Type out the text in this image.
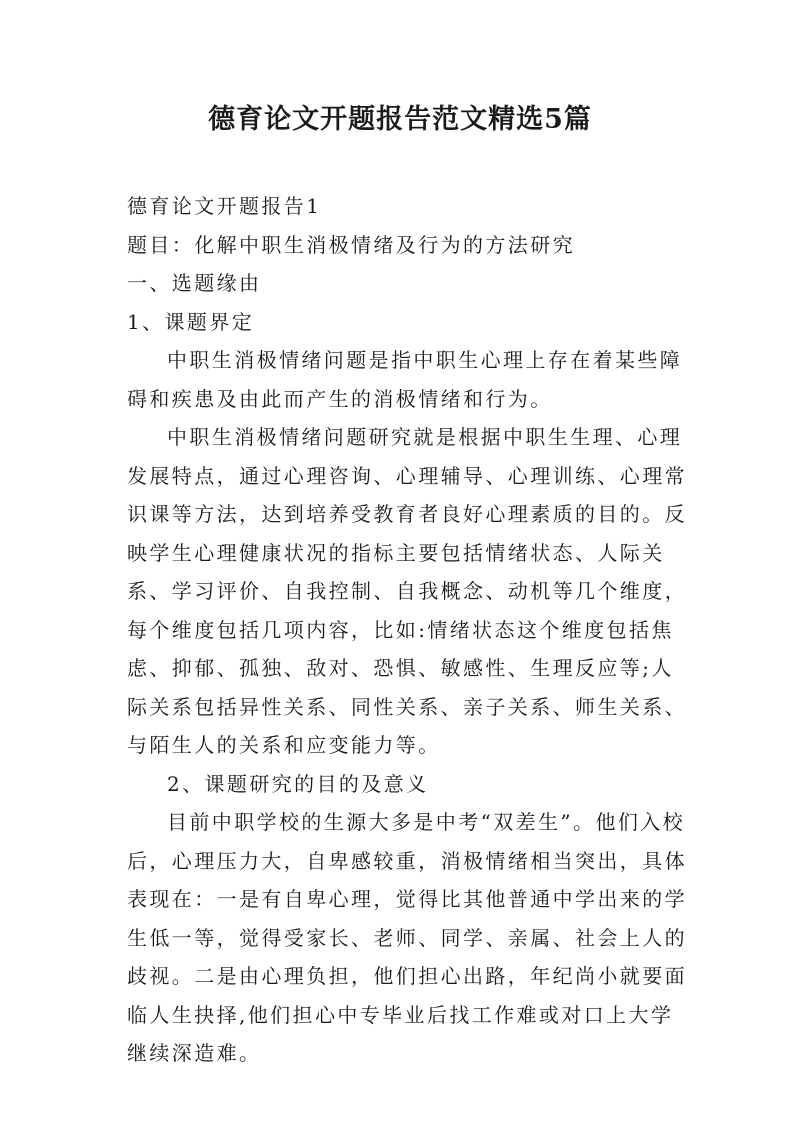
德育论文开题报告范文精选5篇

德育论文开题报告1

题目：化解中职生消极情绪及行为的方法研究

一、选题缘由

1、课题界定

中职生消极情绪问题是指中职生心理上存在着某些障碍和疾患及由此而产生的消极情绪和行为。

中职生消极情绪问题研究就是根据中职生生理、心理发展特点，通过心理咨询、心理辅导、心理训练、心理常识课等方法，达到培养受教育者良好心理素质的目的。反映学生心理健康状况的指标主要包括情绪状态、人际关系、学习评价、自我控制、自我概念、动机等几个维度，每个维度包括几项内容，比如:情绪状态这个维度包括焦虑、抑郁、孤独、敌对、恐惧、敏感性、生理反应等;人际关系包括异性关系、同性关系、亲子关系、师生关系、与陌生人的关系和应变能力等。

2、课题研究的目的及意义

目前中职学校的生源大多是中考“双差生”。他们入校后，心理压力大，自卑感较重，消极情绪相当突出，具体表现在：一是有自卑心理，觉得比其他普通中学出来的学生低一等，觉得受家长、老师、同学、亲属、社会上人的歧视。二是由心理负担，他们担心出路，年纪尚小就要面临人生抉择,他们担心中专毕业后找工作难或对口上大学继续深造难。
